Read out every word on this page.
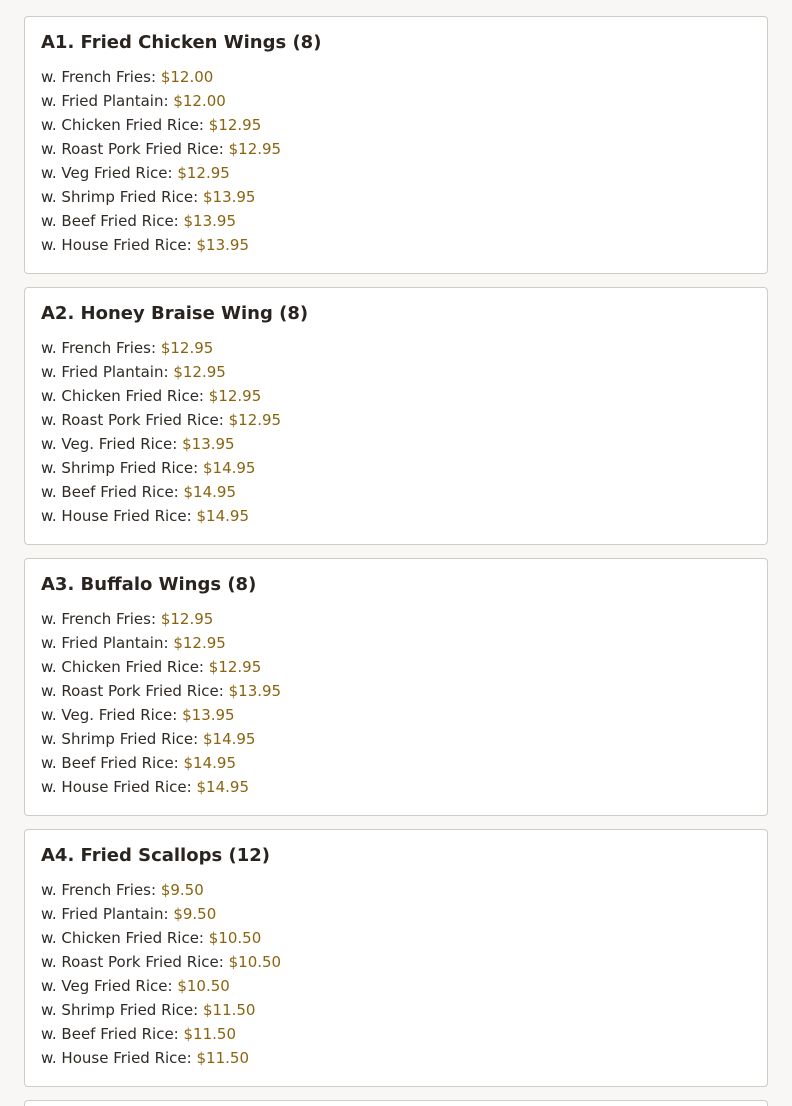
A1. Fried Chicken Wings (8)
w. French Fries: $12.00
w. Fried Plantain: $12.00
w. Chicken Fried Rice: $12.95
w. Roast Pork Fried Rice: $12.95
w. Veg Fried Rice: $12.95
w. Shrimp Fried Rice: $13.95
w. Beef Fried Rice: $13.95
w. House Fried Rice: $13.95
A2. Honey Braise Wing (8)
w. French Fries: $12.95
w. Fried Plantain: $12.95
w. Chicken Fried Rice: $12.95
w. Roast Pork Fried Rice: $12.95
w. Veg. Fried Rice: $13.95
w. Shrimp Fried Rice: $14.95
w. Beef Fried Rice: $14.95
w. House Fried Rice: $14.95
A3. Buffalo Wings (8)
w. French Fries: $12.95
w. Fried Plantain: $12.95
w. Chicken Fried Rice: $12.95
w. Roast Pork Fried Rice: $13.95
w. Veg. Fried Rice: $13.95
w. Shrimp Fried Rice: $14.95
w. Beef Fried Rice: $14.95
w. House Fried Rice: $14.95
A4. Fried Scallops (12)
w. French Fries: $9.50
w. Fried Plantain: $9.50
w. Chicken Fried Rice: $10.50
w. Roast Pork Fried Rice: $10.50
w. Veg Fried Rice: $10.50
w. Shrimp Fried Rice: $11.50
w. Beef Fried Rice: $11.50
w. House Fried Rice: $11.50
